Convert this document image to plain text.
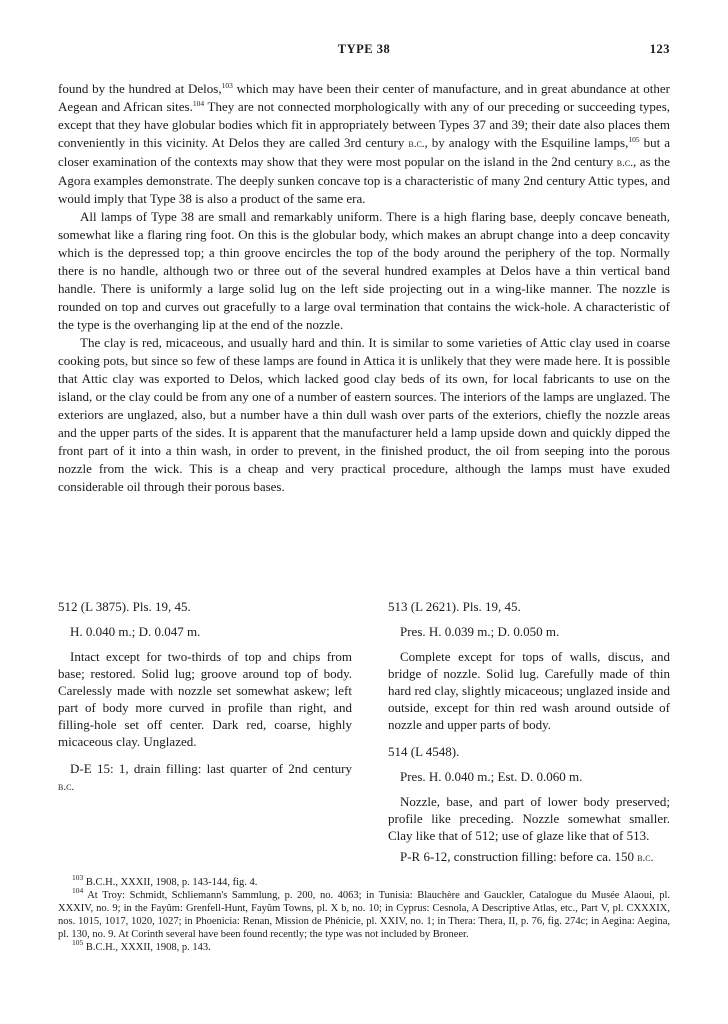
TYPE 38	123

found by the hundred at Delos,$^{103}$ which may have been their center of manufacture, and in great abundance at other Aegean and African sites.$^{104}$ They are not connected morphologically with any of our preceding or succeeding types, except that they have globular bodies which fit in appropriately between Types 37 and 39; their date also places them conveniently in this vicinity. At Delos they are called 3rd century b.c., by analogy with the Esquiline lamps,$^{105}$ but a closer examination of the contexts may show that they were most popular on the island in the 2nd century b.c., as the Agora examples demonstrate. The deeply sunken concave top is a characteristic of many 2nd century Attic types, and would imply that Type 38 is also a product of the same era.

All lamps of Type 38 are small and remarkably uniform. There is a high flaring base, deeply concave beneath, somewhat like a flaring ring foot. On this is the globular body, which makes an abrupt change into a deep concavity which is the depressed top; a thin groove encircles the top of the body around the periphery of the top. Normally there is no handle, although two or three out of the several hundred examples at Delos have a thin vertical band handle. There is uniformly a large solid lug on the left side projecting out in a wing-like manner. The nozzle is rounded on top and curves out gracefully to a large oval termination that contains the wick-hole. A characteristic of the type is the overhanging lip at the end of the nozzle.

The clay is red, micaceous, and usually hard and thin. It is similar to some varieties of Attic clay used in coarse cooking pots, but since so few of these lamps are found in Attica it is unlikely that they were made here. It is possible that Attic clay was exported to Delos, which lacked good clay beds of its own, for local fabricants to use on the island, or the clay could be from any one of a number of eastern sources. The interiors of the lamps are unglazed. The exteriors are unglazed, also, but a number have a thin dull wash over parts of the exteriors, chiefly the nozzle areas and the upper parts of the sides. It is apparent that the manufacturer held a lamp upside down and quickly dipped the front part of it into a thin wash, in order to prevent, in the finished product, the oil from seeping into the porous nozzle from the wick. This is a cheap and very practical procedure, although the lamps must have exuded considerable oil through their porous bases.

512 (L 3875). Pls. 19, 45.

H. 0.040 m.; D. 0.047 m.

Intact except for two-thirds of top and chips from base; restored. Solid lug; groove around top of body. Carelessly made with nozzle set somewhat askew; left part of body more curved in profile than right, and filling-hole set off center. Dark red, coarse, highly micaceous clay. Unglazed.

D-E 15: 1, drain filling: last quarter of 2nd century b.c.

513 (L 2621). Pls. 19, 45.

Pres. H. 0.039 m.; D. 0.050 m.

Complete except for tops of walls, discus, and bridge of nozzle. Solid lug. Carefully made of thin hard red clay, slightly micaceous; unglazed inside and outside, except for thin red wash around outside of nozzle and upper parts of body.

514 (L 4548).

Pres. H. 0.040 m.; Est. D. 0.060 m.

Nozzle, base, and part of lower body preserved; profile like preceding. Nozzle somewhat smaller. Clay like that of 512; use of glaze like that of 513.

P-R 6-12, construction filling: before ca. 150 b.c.

$^{103}$ B.C.H., XXXII, 1908, p. 143-144, fig. 4.

$^{104}$ At Troy: Schmidt, Schliemann's Sammlung, p. 200, no. 4063; in Tunisia: Blauchère and Gauckler, Catalogue du Musée Alaoui, pl. XXXIV, no. 9; in the Fayûm: Grenfell-Hunt, Fayûm Towns, pl. X b, no. 10; in Cyprus: Cesnola, A Descriptive Atlas, etc., Part V, pl. CXXXIX, nos. 1015, 1017, 1020, 1027; in Phoenicia: Renan, Mission de Phénicie, pl. XXIV, no. 1; in Thera: Thera, II, p. 76, fig. 274c; in Aegina: Aegina, pl. 130, no. 9. At Corinth several have been found recently; the type was not included by Broneer.

$^{105}$ B.C.H., XXXII, 1908, p. 143.
